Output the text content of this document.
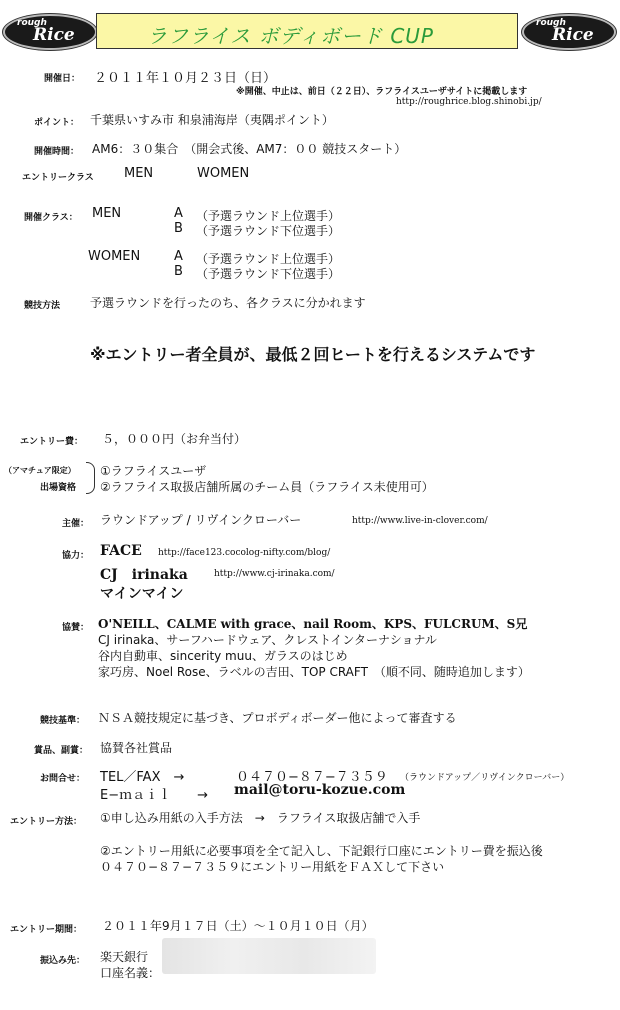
rough
Rice	ラフライス ボディボード CUP
rough
Rice
開催日： ２０１１年１０月２３日（日）
※開催、中止は、前日（２２日）、ラフライスユーザサイトに掲載します
http://roughrice.blog.shinobi.jp/
ポイント： 千葉県いすみ市 和泉浦海岸（夷隅ポイント）
開催時間： AM6：３０集合　（開会式後、AM7：００ 競技スタート）
エントリークラス MEN	WOMEN
開催クラス： MEN	A （予選ラウンド上位選手）
B （予選ラウンド下位選手）
WOMEN	A （予選ラウンド上位選手）
B （予選ラウンド下位選手）
競技方法 予選ラウンドを行ったのち、各クラスに分かれます
※エントリー者全員が、最低２回ヒートを行えるシステムです
エントリー費： ５，０００円（お弁当付）
（アマチュア限定）
出場資格
①ラフライスユーザ
②ラフライス取扱店舗所属のチーム員（ラフライス未使用可）
主催： ラウンドアップ / リヴインクローバー	http://www.live-in-clover.com/
協力： FACE http://face123.cocolog-nifty.com/blog/
CJ　irinaka	http://www.cj-irinaka.com/
マインマイン
協賛： O'NEILL、CALME with grace、nail Room、KPS、FULCRUM、S兄
CJ irinaka、サーフハードウェア、クレストインターナショナル
谷内自動車、sincerity muu、ガラスのはじめ
家巧房、Noel Rose、ラベルの吉田、TOP CRAFT　（順不同、随時追加します）
競技基準： ＮＳＡ競技規定に基づき、プロボディボーダー他によって審査する
賞品、副賞： 協賛各社賞品
お問合せ： TEL／FAX　→	０４７０−８７−７３５９ （ラウンドアップ／リヴインクローバー）
E−ｍａｉｌ　　→ mail@toru-kozue.com
エントリー方法： ①申し込み用紙の入手方法　→　ラフライス取扱店舗で入手
②エントリー用紙に必要事項を全て記入し、下記銀行口座にエントリー費を振込後
０４７０−８７−７３５９にエントリー用紙をＦＡＸして下さい
エントリー期間： ２０１１年9月１７日（土）〜１０月１０日（月）
振込み先： 楽天銀行
口座名義：
